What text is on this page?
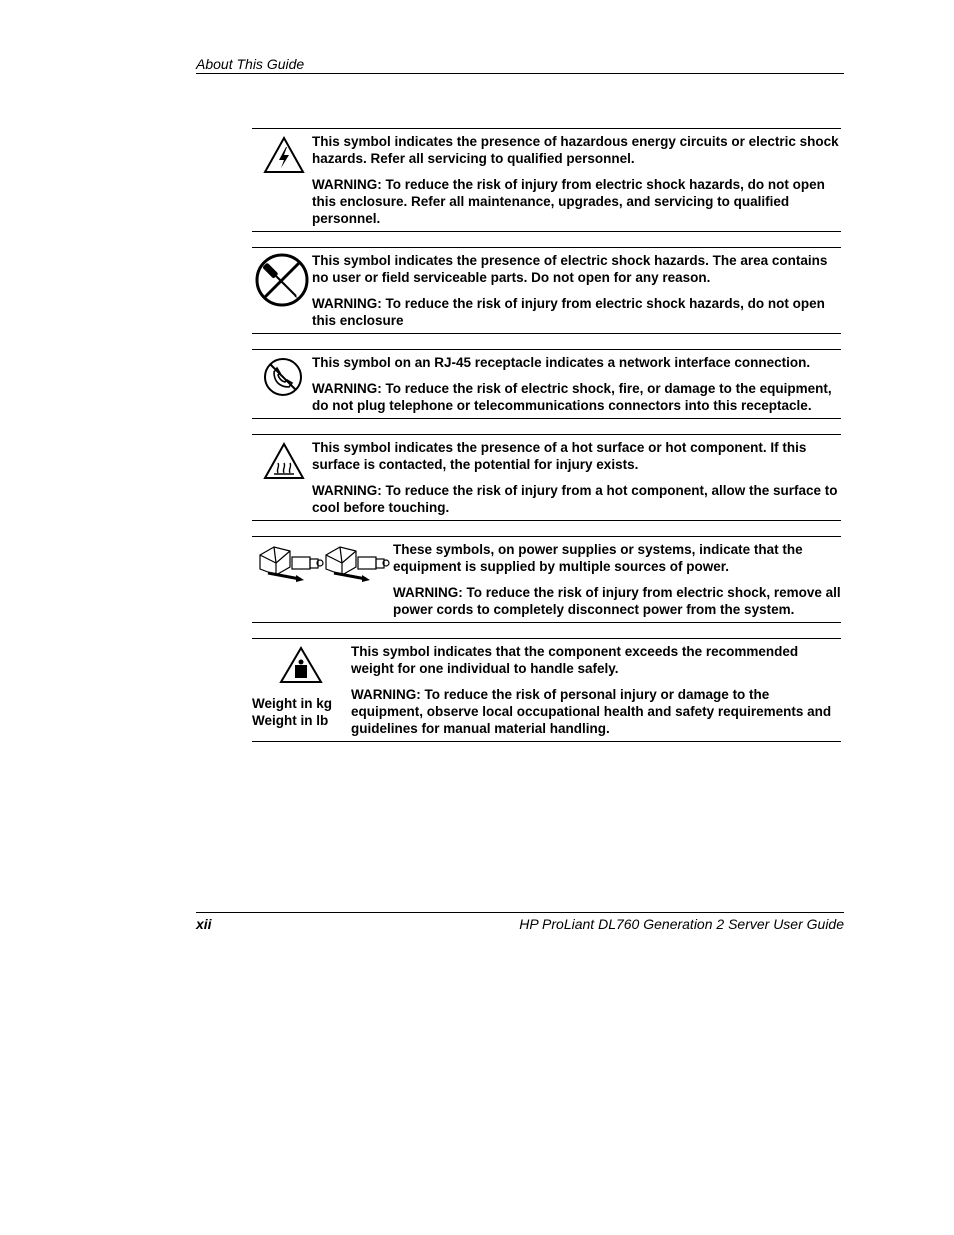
About This Guide

This symbol indicates the presence of hazardous energy circuits or electric shock hazards. Refer all servicing to qualified personnel.

WARNING: To reduce the risk of injury from electric shock hazards, do not open this enclosure. Refer all maintenance, upgrades, and servicing to qualified personnel.

This symbol indicates the presence of electric shock hazards. The area contains no user or field serviceable parts. Do not open for any reason.

WARNING: To reduce the risk of injury from electric shock hazards, do not open this enclosure

This symbol on an RJ-45 receptacle indicates a network interface connection.

WARNING: To reduce the risk of electric shock, fire, or damage to the equipment, do not plug telephone or telecommunications connectors into this receptacle.

This symbol indicates the presence of a hot surface or hot component. If this surface is contacted, the potential for injury exists.

WARNING: To reduce the risk of injury from a hot component, allow the surface to cool before touching.

These symbols, on power supplies or systems, indicate that the equipment is supplied by multiple sources of power.

WARNING: To reduce the risk of injury from electric shock, remove all power cords to completely disconnect power from the system.

Weight in kg
Weight in lb

This symbol indicates that the component exceeds the recommended weight for one individual to handle safely.

WARNING: To reduce the risk of personal injury or damage to the equipment, observe local occupational health and safety requirements and guidelines for manual material handling.

xii	HP ProLiant DL760 Generation 2 Server User Guide
